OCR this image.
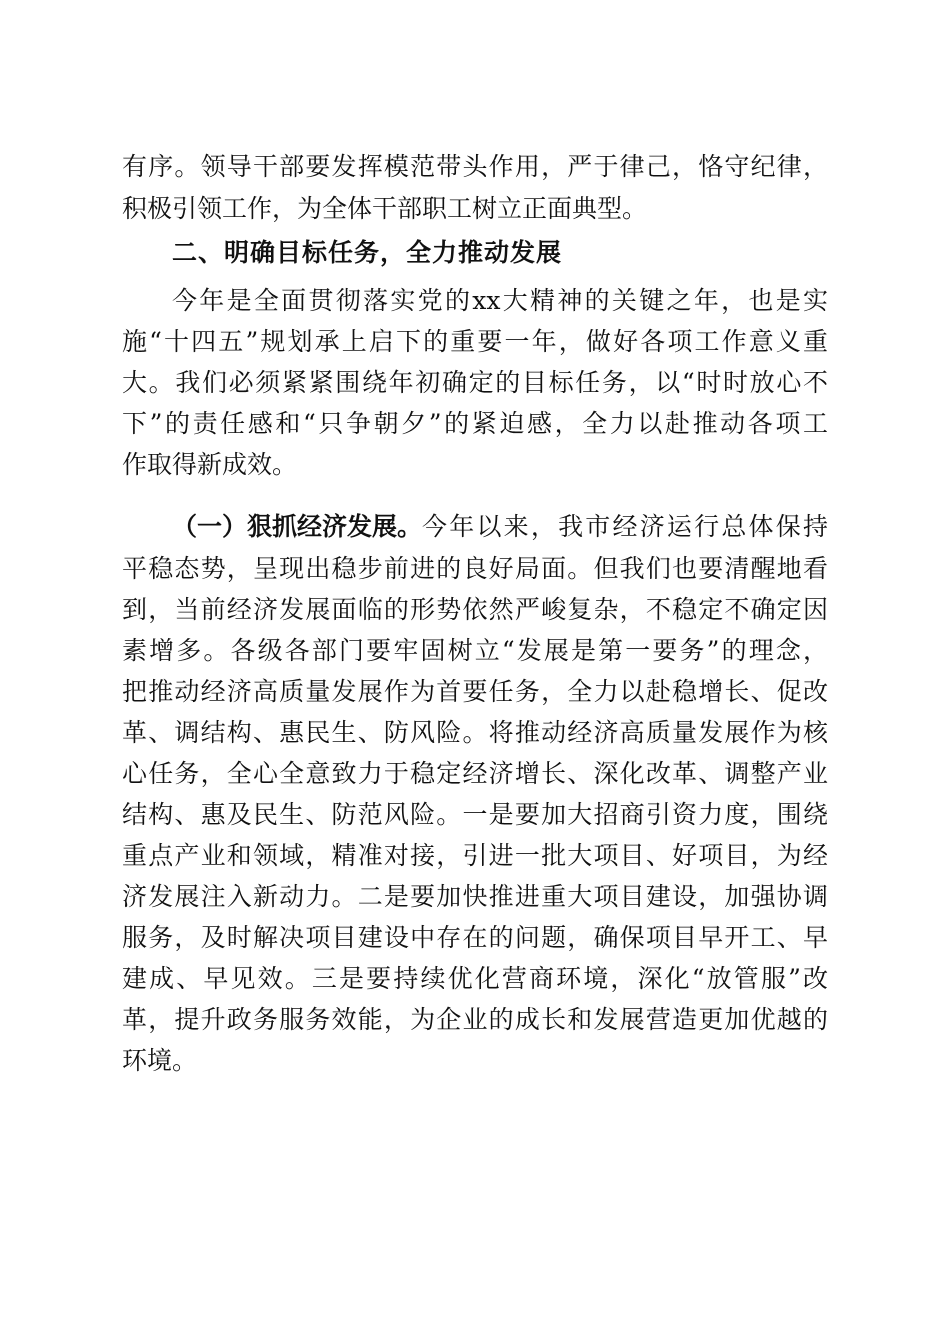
有序。领导干部要发挥模范带头作用，严于律己，恪守纪律，
积极引领工作，为全体干部职工树立正面典型。
二、明确目标任务，全力推动发展
今年是全面贯彻落实党的xx大精神的关键之年，也是实
施“十四五”规划承上启下的重要一年，做好各项工作意义重
大。我们必须紧紧围绕年初确定的目标任务，以“时时放心不
下”的责任感和“只争朝夕”的紧迫感，全力以赴推动各项工
作取得新成效。
（一）狠抓经济发展。 今年以来，我市经济运行总体保持
平稳态势，呈现出稳步前进的良好局面。但我们也要清醒地看
到，当前经济发展面临的形势依然严峻复杂，不稳定不确定因
素增多。各级各部门要牢固树立“发展是第一要务”的理念，
把推动经济高质量发展作为首要任务，全力以赴稳增长、促改
革、调结构、惠民生、防风险。将推动经济高质量发展作为核
心任务，全心全意致力于稳定经济增长、深化改革、调整产业
结构、惠及民生、防范风险。一是要加大招商引资力度，围绕
重点产业和领域，精准对接，引进一批大项目、好项目，为经
济发展注入新动力。二是要加快推进重大项目建设，加强协调
服务，及时解决项目建设中存在的问题，确保项目早开工、早
建成、早见效。三是要持续优化营商环境，深化“放管服”改
革，提升政务服务效能，为企业的成长和发展营造更加优越的
环境。
